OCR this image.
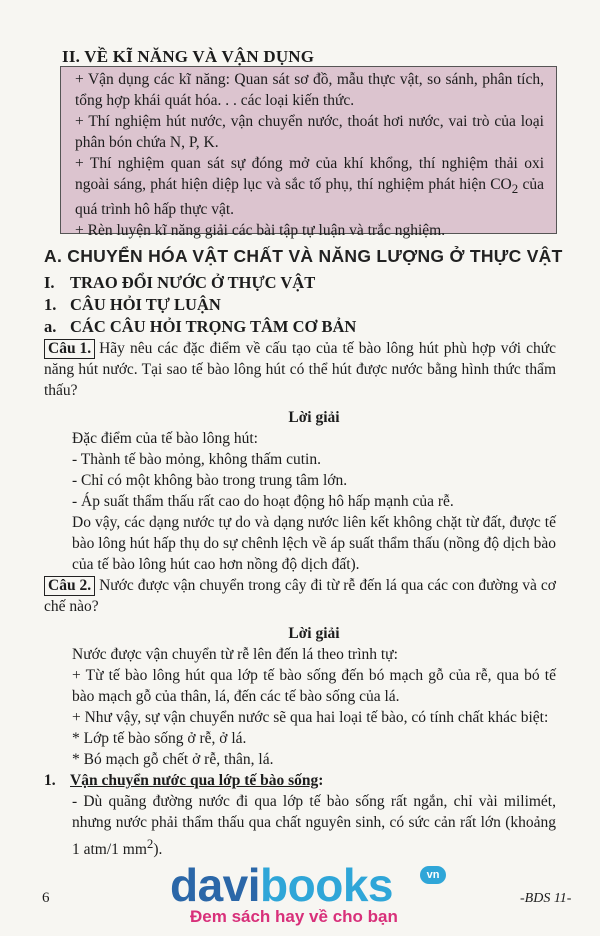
II. VỀ KĨ NĂNG VÀ VẬN DỤNG

+ Vận dụng các kĩ năng: Quan sát sơ đồ, mẫu thực vật, so sánh, phân tích, tổng hợp khái quát hóa. . . các loại kiến thức.

+ Thí nghiệm hút nước, vận chuyển nước, thoát hơi nước, vai trò của loại phân bón chứa N, P, K.

+ Thí nghiệm quan sát sự đóng mở của khí khổng, thí nghiệm thải oxi ngoài sáng, phát hiện diệp lục và sắc tố phụ, thí nghiệm phát hiện $CO_2$ của quá trình hô hấp thực vật.

+ Rèn luyện kĩ năng giải các bài tập tự luận và trắc nghiệm.

A. CHUYỂN HÓA VẬT CHẤT VÀ NĂNG LƯỢNG Ở THỰC VẬT
I. TRAO ĐỔI NƯỚC Ở THỰC VẬT
1. CÂU HỎI TỰ LUẬN
a. CÁC CÂU HỎI TRỌNG TÂM CƠ BẢN

Câu 1. Hãy nêu các đặc điểm về cấu tạo của tế bào lông hút phù hợp với chức năng hút nước. Tại sao tế bào lông hút có thể hút được nước bằng hình thức thẩm thấu?

Lời giải

Đặc điểm của tế bào lông hút:

- Thành tế bào mỏng, không thấm cutin.

- Chỉ có một không bào trong trung tâm lớn.

- Áp suất thẩm thấu rất cao do hoạt động hô hấp mạnh của rễ.

Do vậy, các dạng nước tự do và dạng nước liên kết không chặt từ đất, được tế bào lông hút hấp thụ do sự chênh lệch về áp suất thẩm thấu (nồng độ dịch bào của tế bào lông hút cao hơn nồng độ dịch đất).

Câu 2. Nước được vận chuyển trong cây đi từ rễ đến lá qua các con đường và cơ chế nào?

Lời giải

Nước được vận chuyển từ rễ lên đến lá theo trình tự:

+ Từ tế bào lông hút qua lớp tế bào sống đến bó mạch gỗ của rễ, qua bó tế bào mạch gỗ của thân, lá, đến các tế bào sống của lá.

+ Như vậy, sự vận chuyển nước sẽ qua hai loại tế bào, có tính chất khác biệt:

* Lớp tế bào sống ở rễ, ở lá.

* Bó mạch gỗ chết ở rễ, thân, lá.

1. Vận chuyển nước qua lớp tế bào sống:

- Dù quãng đường nước đi qua lớp tế bào sống rất ngắn, chỉ vài milimét, nhưng nước phải thẩm thấu qua chất nguyên sinh, có sức cản rất lớn (khoảng 1 atm/1 $mm^2$).

6	-BDS 11-
davibooks	vn
Đem sách hay về cho bạn
